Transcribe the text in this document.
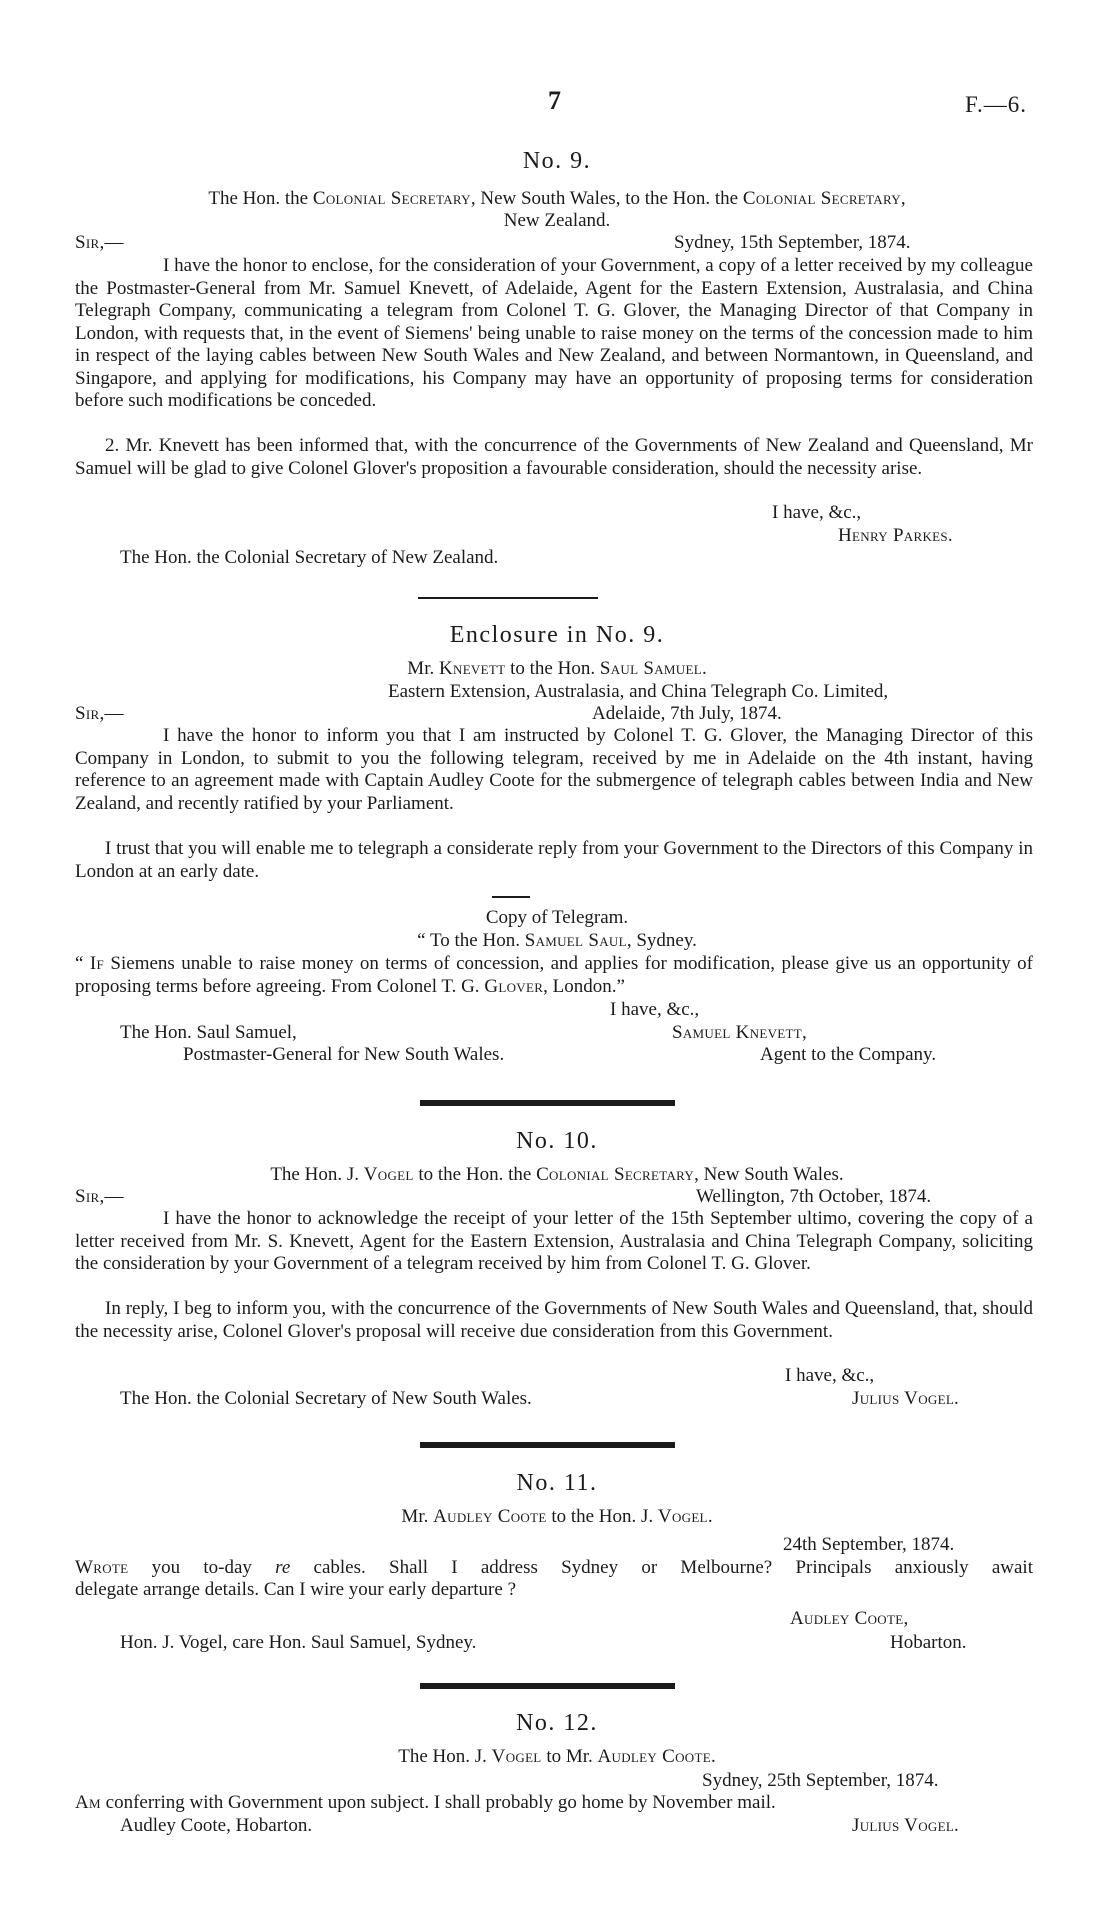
7	F.—6.
No. 9.
The Hon. the Colonial Secretary, New South Wales, to the Hon. the Colonial Secretary,
New Zealand.
Sir,—	Sydney, 15th September, 1874.
I have the honor to enclose, for the consideration of your Government, a copy of a letter received by my colleague the Postmaster-General from Mr. Samuel Knevett, of Adelaide, Agent for the Eastern Extension, Australasia, and China Telegraph Company, communicating a telegram from Colonel T. G. Glover, the Managing Director of that Company in London, with requests that, in the event of Siemens' being unable to raise money on the terms of the concession made to him in respect of the laying cables between New South Wales and New Zealand, and between Normantown, in Queensland, and Singapore, and applying for modifications, his Company may have an opportunity of proposing terms for consideration before such modifications be conceded.
2. Mr. Knevett has been informed that, with the concurrence of the Governments of New Zealand and Queensland, Mr Samuel will be glad to give Colonel Glover's proposition a favourable consideration, should the necessity arise.
I have, &c.,
Henry Parkes.
The Hon. the Colonial Secretary of New Zealand.
Enclosure in No. 9.
Mr. Knevett to the Hon. Saul Samuel.
Eastern Extension, Australasia, and China Telegraph Co. Limited,
Sir,—	Adelaide, 7th July, 1874.
I have the honor to inform you that I am instructed by Colonel T. G. Glover, the Managing Director of this Company in London, to submit to you the following telegram, received by me in Adelaide on the 4th instant, having reference to an agreement made with Captain Audley Coote for the submergence of telegraph cables between India and New Zealand, and recently ratified by your Parliament.
I trust that you will enable me to telegraph a considerate reply from your Government to the Directors of this Company in London at an early date.
Copy of Telegram.
“ To the Hon. Samuel Saul, Sydney.
“ If Siemens unable to raise money on terms of concession, and applies for modification, please give us an opportunity of proposing terms before agreeing. From Colonel T. G. Glover, London.”
I have, &c.,
The Hon. Saul Samuel,	Samuel Knevett,
Postmaster-General for New South Wales.	Agent to the Company.
No. 10.
The Hon. J. Vogel to the Hon. the Colonial Secretary, New South Wales.
Sir,—	Wellington, 7th October, 1874.
I have the honor to acknowledge the receipt of your letter of the 15th September ultimo, covering the copy of a letter received from Mr. S. Knevett, Agent for the Eastern Extension, Australasia and China Telegraph Company, soliciting the consideration by your Government of a telegram received by him from Colonel T. G. Glover.
In reply, I beg to inform you, with the concurrence of the Governments of New South Wales and Queensland, that, should the necessity arise, Colonel Glover's proposal will receive due consideration from this Government.
I have, &c.,
The Hon. the Colonial Secretary of New South Wales.	Julius Vogel.
No. 11.
Mr. Audley Coote to the Hon. J. Vogel.
24th September, 1874.
Wrote you to-day re cables. Shall I address Sydney or Melbourne? Principals anxiously await
delegate arrange details. Can I wire your early departure ?
Audley Coote,
Hobarton.
Hon. J. Vogel, care Hon. Saul Samuel, Sydney.
No. 12.
The Hon. J. Vogel to Mr. Audley Coote.
Sydney, 25th September, 1874.
Am conferring with Government upon subject. I shall probably go home by November mail.
Audley Coote, Hobarton.	Julius Vogel.
